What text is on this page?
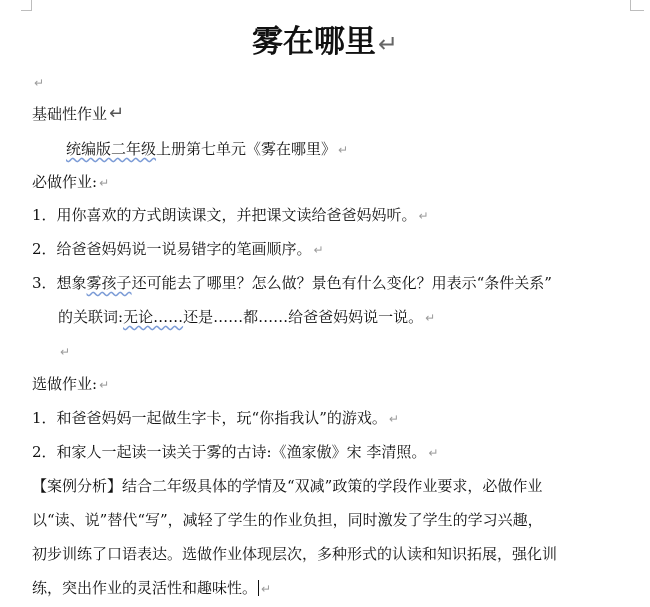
雾在哪里↵
↵
基础性作业 ↵
统编版二年级上册第七单元《雾在哪里》 ↵
必做作业: ↵
1．用你喜欢的方式朗读课文，并把课文读给爸爸妈妈听。 ↵
2．给爸爸妈妈说一说易错字的笔画顺序。 ↵
3．想象雾孩子还可能去了哪里？怎么做？景色有什么变化？用表示“条件关系”
的关联词:无论……还是……都……给爸爸妈妈说一说。 ↵
↵
选做作业: ↵
1．和爸爸妈妈一起做生字卡，玩“你指我认”的游戏。 ↵
2．和家人一起读一读关于雾的古诗:《渔家傲》宋 李清照。 ↵
【案例分析】结合二年级具体的学情及“双减”政策的学段作业要求，必做作业
以“读、说”替代“写”，减轻了学生的作业负担，同时激发了学生的学习兴趣，
初步训练了口语表达。选做作业体现层次，多种形式的认读和知识拓展，强化训
练，突出作业的灵活性和趣味性。 ↵
